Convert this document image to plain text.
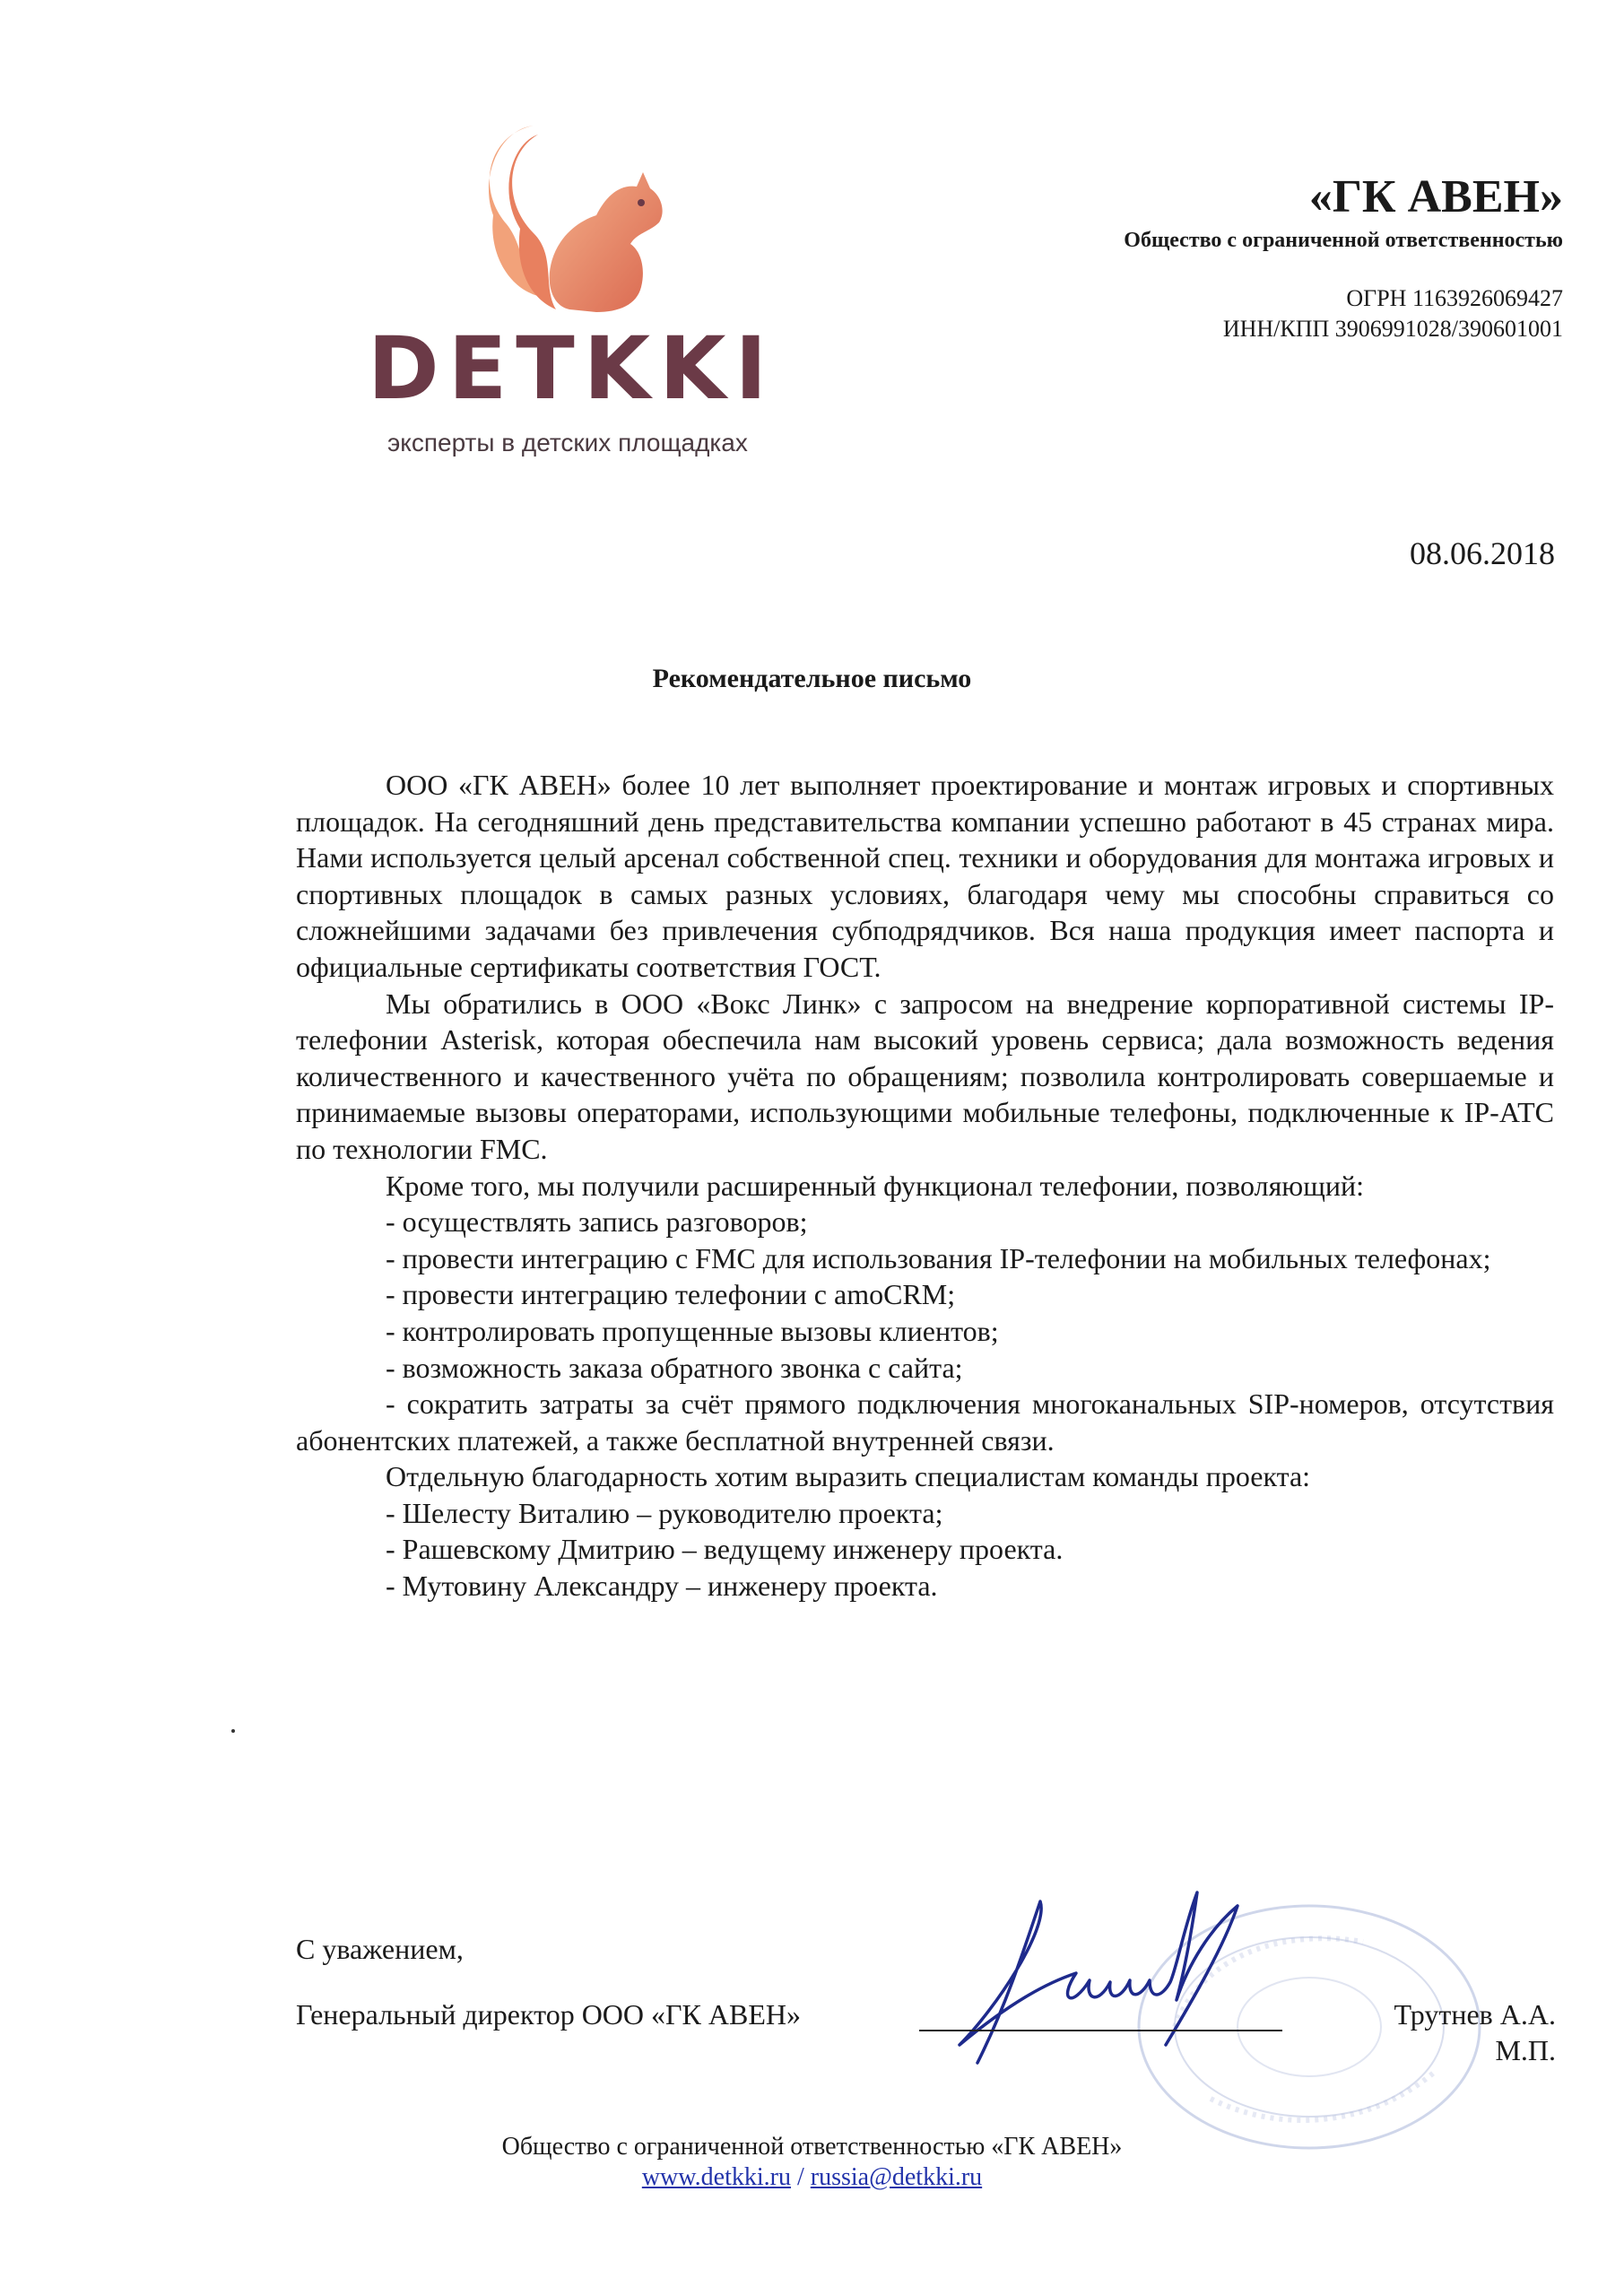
DETKKI
эксперты в детских площадках
«ГК АВЕН»
Общество с ограниченной ответственностью
ОГРН 1163926069427
ИНН/КПП 3906991028/390601001
08.06.2018
Рекомендательное письмо

ООО «ГК АВЕН» более 10 лет выполняет проектирование и монтаж игровых и спортивных площадок. На сегодняшний день представительства компании успешно работают в 45 странах мира. Нами используется целый арсенал собственной спец. техники и оборудования для монтажа игровых и спортивных площадок в самых разных условиях, благодаря чему мы способны справиться со сложнейшими задачами без привлечения субподрядчиков. Вся наша продукция имеет паспорта и официальные сертификаты соответствия ГОСТ.

Мы обратились в ООО «Вокс Линк» с запросом на внедрение корпоративной системы IP-телефонии Asterisk, которая обеспечила нам высокий уровень сервиса; дала возможность ведения количественного и качественного учёта по обращениям; позволила контролировать совершаемые и принимаемые вызовы операторами, использующими мобильные телефоны, подключенные к IP-АТС по технологии FMC.

Кроме того, мы получили расширенный функционал телефонии, позволяющий:

- осуществлять запись разговоров;

- провести интеграцию с FMC для использования IP-телефонии на мобильных телефонах;

- провести интеграцию телефонии с amoCRM;

- контролировать пропущенные вызовы клиентов;

- возможность заказа обратного звонка с сайта;

- сократить затраты за счёт прямого подключения многоканальных SIP-номеров, отсутствия абонентских платежей, а также бесплатной внутренней связи.

Отдельную благодарность хотим выразить специалистам команды проекта:

- Шелесту Виталию – руководителю проекта;

- Рашевскому Дмитрию – ведущему инженеру проекта.

- Мутовину Александру – инженеру проекта.

С уважением,
Генеральный директор ООО «ГК АВЕН»	Трутнев А.А.
М.П.
Общество с ограниченной ответственностью «ГК АВЕН»
www.detkki.ru / russia@detkki.ru
